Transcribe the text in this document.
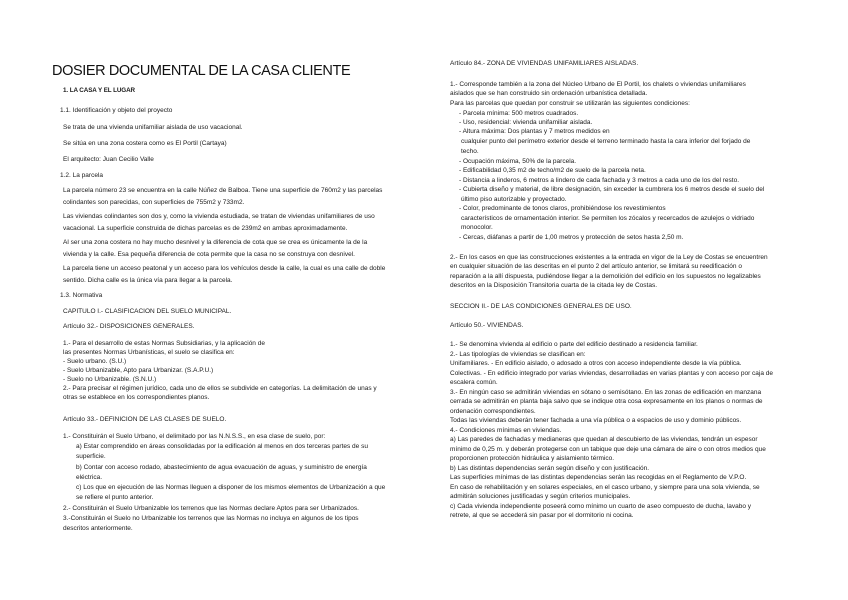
DOSIER DOCUMENTAL DE LA CASA CLIENTE
1. LA CASA Y EL LUGAR
1.1. Identificación y objeto del proyecto
Se trata de una vivienda unifamiliar aislada de uso vacacional.
Se sitúa en una zona costera como es El Portil (Cartaya)
El arquitecto: Juan Cecilio Valle
1.2. La parcela
La parcela número 23 se encuentra en la calle Núñez de Balboa. Tiene una superficie de 760m2 y las parcelas
colindantes son parecidas, con superficies de 755m2 y 733m2.
Las viviendas colindantes son dos y, como la vivienda estudiada, se tratan de viviendas unifamiliares de uso
vacacional. La superficie construida de dichas parcelas es de 239m2 en ambas aproximadamente.
Al ser una zona costera no hay mucho desnivel y la diferencia de cota que se crea es únicamente la de la
vivienda y la calle. Esa pequeña diferencia de cota permite que la casa no se construya con desnivel.
La parcela tiene un acceso peatonal y un acceso para los vehículos desde la calle, la cual es una calle de doble
sentido. Dicha calle es la única vía para llegar a la parcela.
1.3. Normativa
CAPITULO I.- CLASIFICACION DEL SUELO MUNICIPAL.
Artículo 32.- DISPOSICIONES GENERALES.
1.- Para el desarrollo de estas Normas Subsidiarias, y la aplicación de
las presentes Normas Urbanísticas, el suelo se clasifica en:
- Suelo urbano. (S.U.)
- Suelo Urbanizable, Apto para Urbanizar. (S.A.P.U.)
- Suelo no Urbanizable. (S.N.U.)
2.- Para precisar el régimen jurídico, cada uno de ellos se subdivide en categorías. La delimitación de unas y
otras se establece en los correspondientes planos.
Artículo 33.- DEFINICION DE LAS CLASES DE SUELO.
1.- Constituirán el Suelo Urbano, el delimitado por las N.N.S.S., en esa clase de suelo, por:
a) Estar comprendido en áreas consolidadas por la edificación al menos en dos terceras partes de su
superficie.
b) Contar con acceso rodado, abastecimiento de agua evacuación de aguas, y suministro de energía
eléctrica.
c) Los que en ejecución de las Normas lleguen a disponer de los mismos elementos de Urbanización a que
se refiere el punto anterior.
2.- Constituirán el Suelo Urbanizable los terrenos que las Normas declare Aptos para ser Urbanizados.
3.-Constituirán el Suelo no Urbanizable los terrenos que las Normas no incluya en algunos de los tipos
descritos anteriormente.
Artículo 84.- ZONA DE VIVIENDAS UNIFAMILIARES AISLADAS.
1.- Corresponde también a la zona del Núcleo Urbano de El Portil, los chalets o viviendas unifamiliares
aislados que se han construido sin ordenación urbanística detallada.
Para las parcelas que quedan por construir se utilizarán las siguientes condiciones:
- Parcela mínima: 500 metros cuadrados.
- Uso, residencial: vivienda unifamiliar aislada.
- Altura máxima: Dos plantas y 7 metros medidos en
cualquier punto del perímetro exterior desde el terreno terminado hasta la cara inferior del forjado de
techo.
- Ocupación máxima, 50% de la parcela.
- Edificabilidad 0,35 m2 de techo/m2 de suelo de la parcela neta.
- Distancia a linderos, 6 metros a lindero de cada fachada y 3 metros a cada uno de los del resto.
- Cubierta diseño y material, de libre designación, sin exceder la cumbrera los 6 metros desde el suelo del
último piso autorizable y proyectado.
- Color, predominante de tonos claros, prohibiéndose los revestimientos
característicos de ornamentación interior. Se permiten los zócalos y recercados de azulejos o vidriado
monocolor.
- Cercas, diáfanas a partir de 1,00 metros y protección de setos hasta 2,50 m.
2.- En los casos en que las construcciones existentes a la entrada en vigor de la Ley de Costas se encuentren
en cualquier situación de las descritas en el punto 2 del artículo anterior, se limitará su reedificación o
reparación a la allí dispuesta, pudiéndose llegar a la demolición del edificio en los supuestos no legalizables
descritos en la Disposición Transitoria cuarta de la citada ley de Costas.
SECCION II.- DE LAS CONDICIONES GENERALES DE USO.
Artículo 50.- VIVIENDAS.
1.- Se denomina vivienda al edificio o parte del edificio destinado a residencia familiar.
2.- Las tipologías de viviendas se clasifican en:
Unifamiliares. - En edificio aislado, o adosado a otros con acceso independiente desde la vía pública.
Colectivas. - En edificio integrado por varias viviendas, desarrolladas en varias plantas y con acceso por caja de
escalera común.
3.- En ningún caso se admitirán viviendas en sótano o semisótano. En las zonas de edificación en manzana
cerrada se admitirán en planta baja salvo que se indique otra cosa expresamente en los planos o normas de
ordenación correspondientes.
Todas las viviendas deberán tener fachada a una vía pública o a espacios de uso y dominio públicos.
4.- Condiciones mínimas en viviendas.
a) Las paredes de fachadas y medianeras que quedan al descubierto de las viviendas, tendrán un espesor
mínimo de 0,25 m. y deberán protegerse con un tabique que deje una cámara de aire o con otros medios que
proporcionen protección hidráulica y aislamiento térmico.
b) Las distintas dependencias serán según diseño y con justificación.
Las superficies mínimas de las distintas dependencias serán las recogidas en el Reglamento de V.P.O.
En caso de rehabilitación y en solares especiales, en el casco urbano, y siempre para una sola vivienda, se
admitirán soluciones justificadas y según criterios municipales.
c) Cada vivienda independiente poseerá como mínimo un cuarto de aseo compuesto de ducha, lavabo y
retrete, al que se accederá sin pasar por el dormitorio ni cocina.
